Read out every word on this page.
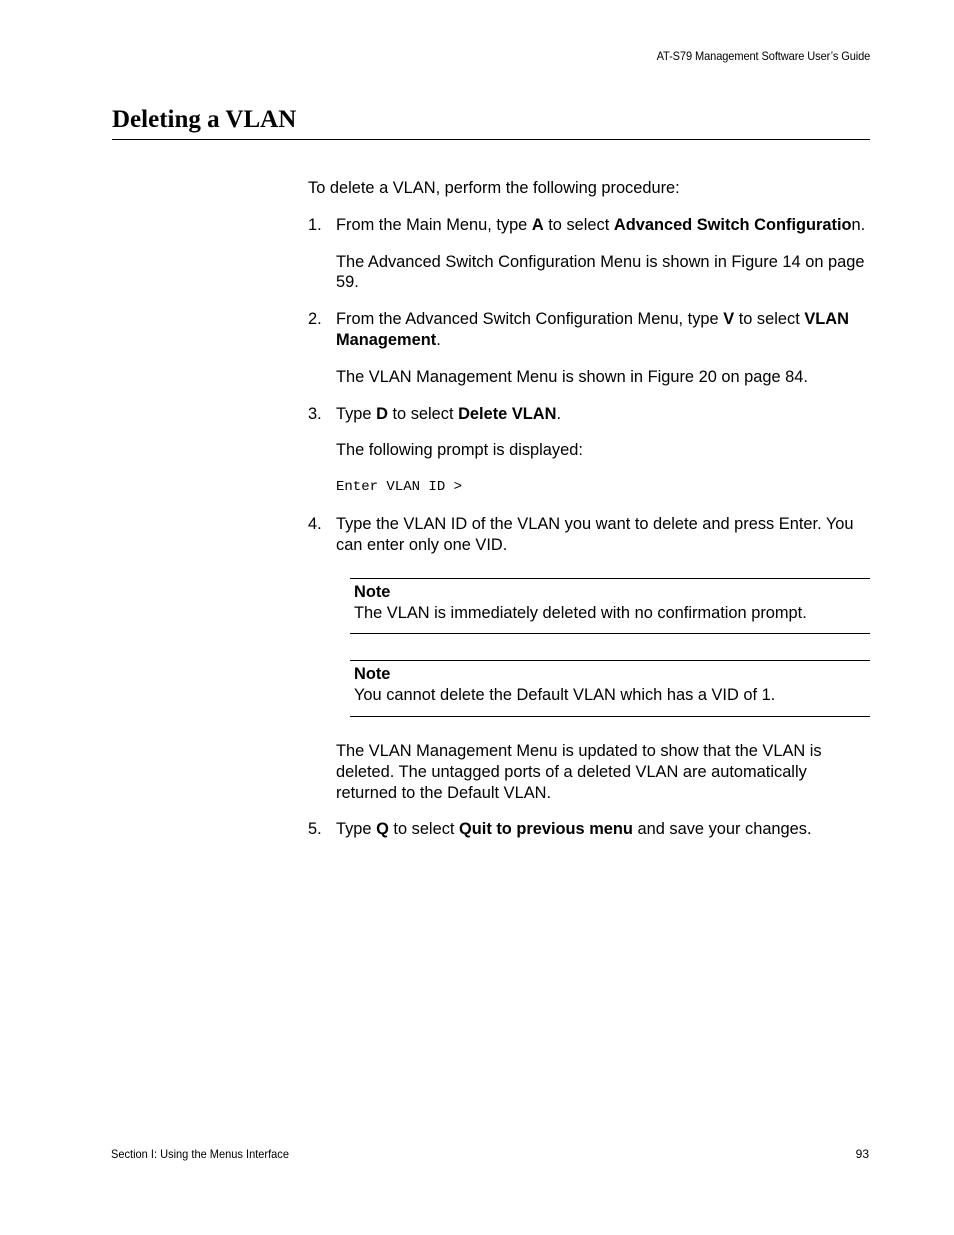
AT-S79 Management Software User’s Guide
Deleting a VLAN

To delete a VLAN, perform the following procedure:

1. From the Main Menu, type A to select Advanced Switch Configuration.

The Advanced Switch Configuration Menu is shown in Figure 14 on page 59.

2. From the Advanced Switch Configuration Menu, type V to select VLAN Management.

The VLAN Management Menu is shown in Figure 20 on page 84.

3. Type D to select Delete VLAN.

The following prompt is displayed:

Enter VLAN ID >
4. Type the VLAN ID of the VLAN you want to delete and press Enter. You can enter only one VID.
Note
The VLAN is immediately deleted with no confirmation prompt.
Note
You cannot delete the Default VLAN which has a VID of 1.

The VLAN Management Menu is updated to show that the VLAN is deleted. The untagged ports of a deleted VLAN are automatically returned to the Default VLAN.

5. Type Q to select Quit to previous menu and save your changes.
Section I: Using the Menus Interface	93
